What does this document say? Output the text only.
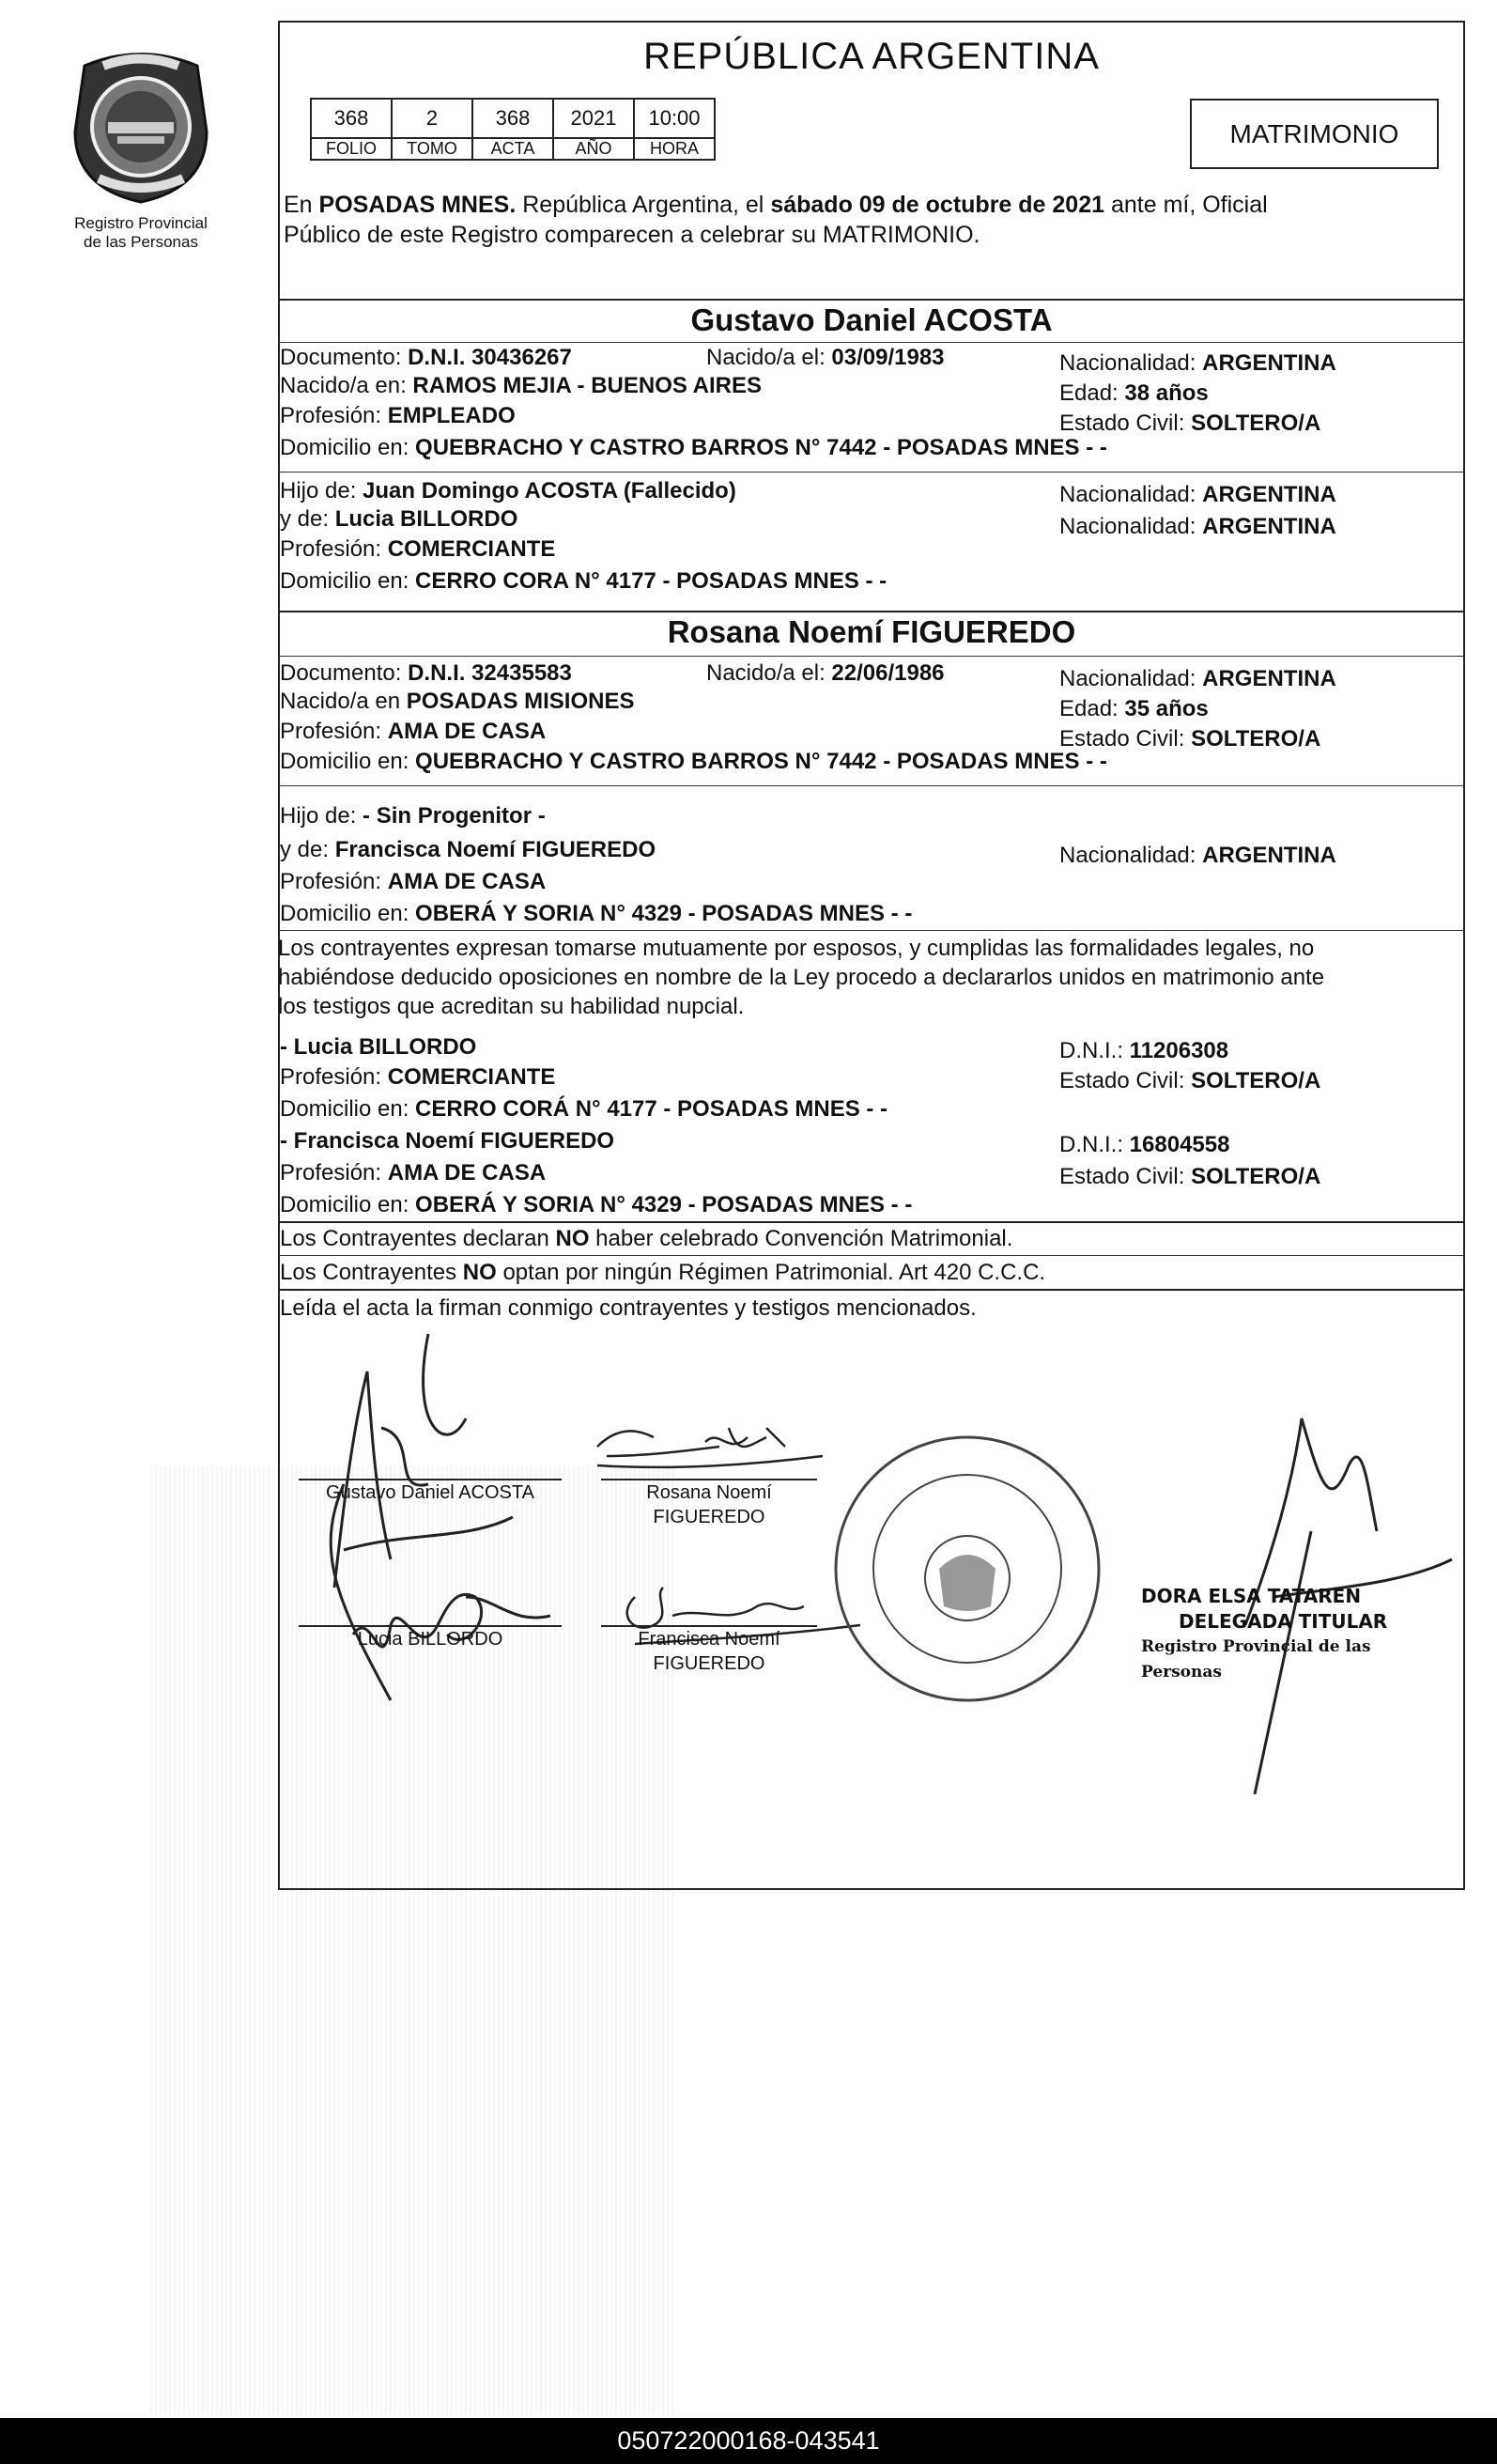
Registro Provincial
de las Personas
REPÚBLICA ARGENTINA
368	2	368	2021	10:00
FOLIO	TOMO	ACTA	AÑO	HORA	MATRIMONIO
En POSADAS MNES. República Argentina, el sábado 09 de octubre de 2021 ante mí, Oficial
Público de este Registro comparecen a celebrar su MATRIMONIO.
Gustavo Daniel ACOSTA
Documento: D.N.I. 30436267	Nacido/a el: 03/09/1983	Nacionalidad: ARGENTINA
Nacido/a en: RAMOS MEJIA - BUENOS AIRES	Edad: 38 años
Profesión: EMPLEADO	Estado Civil: SOLTERO/A
Domicilio en: QUEBRACHO Y CASTRO BARROS N° 7442 - POSADAS MNES - -
Hijo de: Juan Domingo ACOSTA (Fallecido)	Nacionalidad: ARGENTINA
y de: Lucia BILLORDO	Nacionalidad: ARGENTINA
Profesión: COMERCIANTE
Domicilio en: CERRO CORA N° 4177 - POSADAS MNES - -
Rosana Noemí FIGUEREDO
Documento: D.N.I. 32435583	Nacido/a el: 22/06/1986	Nacionalidad: ARGENTINA
Nacido/a en POSADAS MISIONES	Edad: 35 años
Profesión: AMA DE CASA	Estado Civil: SOLTERO/A
Domicilio en: QUEBRACHO Y CASTRO BARROS N° 7442 - POSADAS MNES - -
Hijo de: - Sin Progenitor -
y de: Francisca Noemí FIGUEREDO	Nacionalidad: ARGENTINA
Profesión: AMA DE CASA
Domicilio en: OBERÁ Y SORIA N° 4329 - POSADAS MNES - -
Los contrayentes expresan tomarse mutuamente por esposos, y cumplidas las formalidades legales, no
habiéndose deducido oposiciones en nombre de la Ley procedo a declararlos unidos en matrimonio ante
los testigos que acreditan su habilidad nupcial.
- Lucia BILLORDO	D.N.I.: 11206308
Profesión: COMERCIANTE	Estado Civil: SOLTERO/A
Domicilio en: CERRO CORÁ N° 4177 - POSADAS MNES - -
- Francisca Noemí FIGUEREDO	D.N.I.: 16804558
Profesión: AMA DE CASA	Estado Civil: SOLTERO/A
Domicilio en: OBERÁ Y SORIA N° 4329 - POSADAS MNES - -
Los Contrayentes declaran NO haber celebrado Convención Matrimonial.
Los Contrayentes NO optan por ningún Régimen Patrimonial. Art 420 C.C.C.
Leída el acta la firman conmigo contrayentes y testigos mencionados.
Gustavo Daniel ACOSTA	Rosana Noemí
FIGUEREDO
Lucia BILLORDO	Francisca Noemí
FIGUEREDO
DORA ELSA TATAREN
DELEGADA TITULAR
Registro Provincial de las Personas
050722000168-043541
